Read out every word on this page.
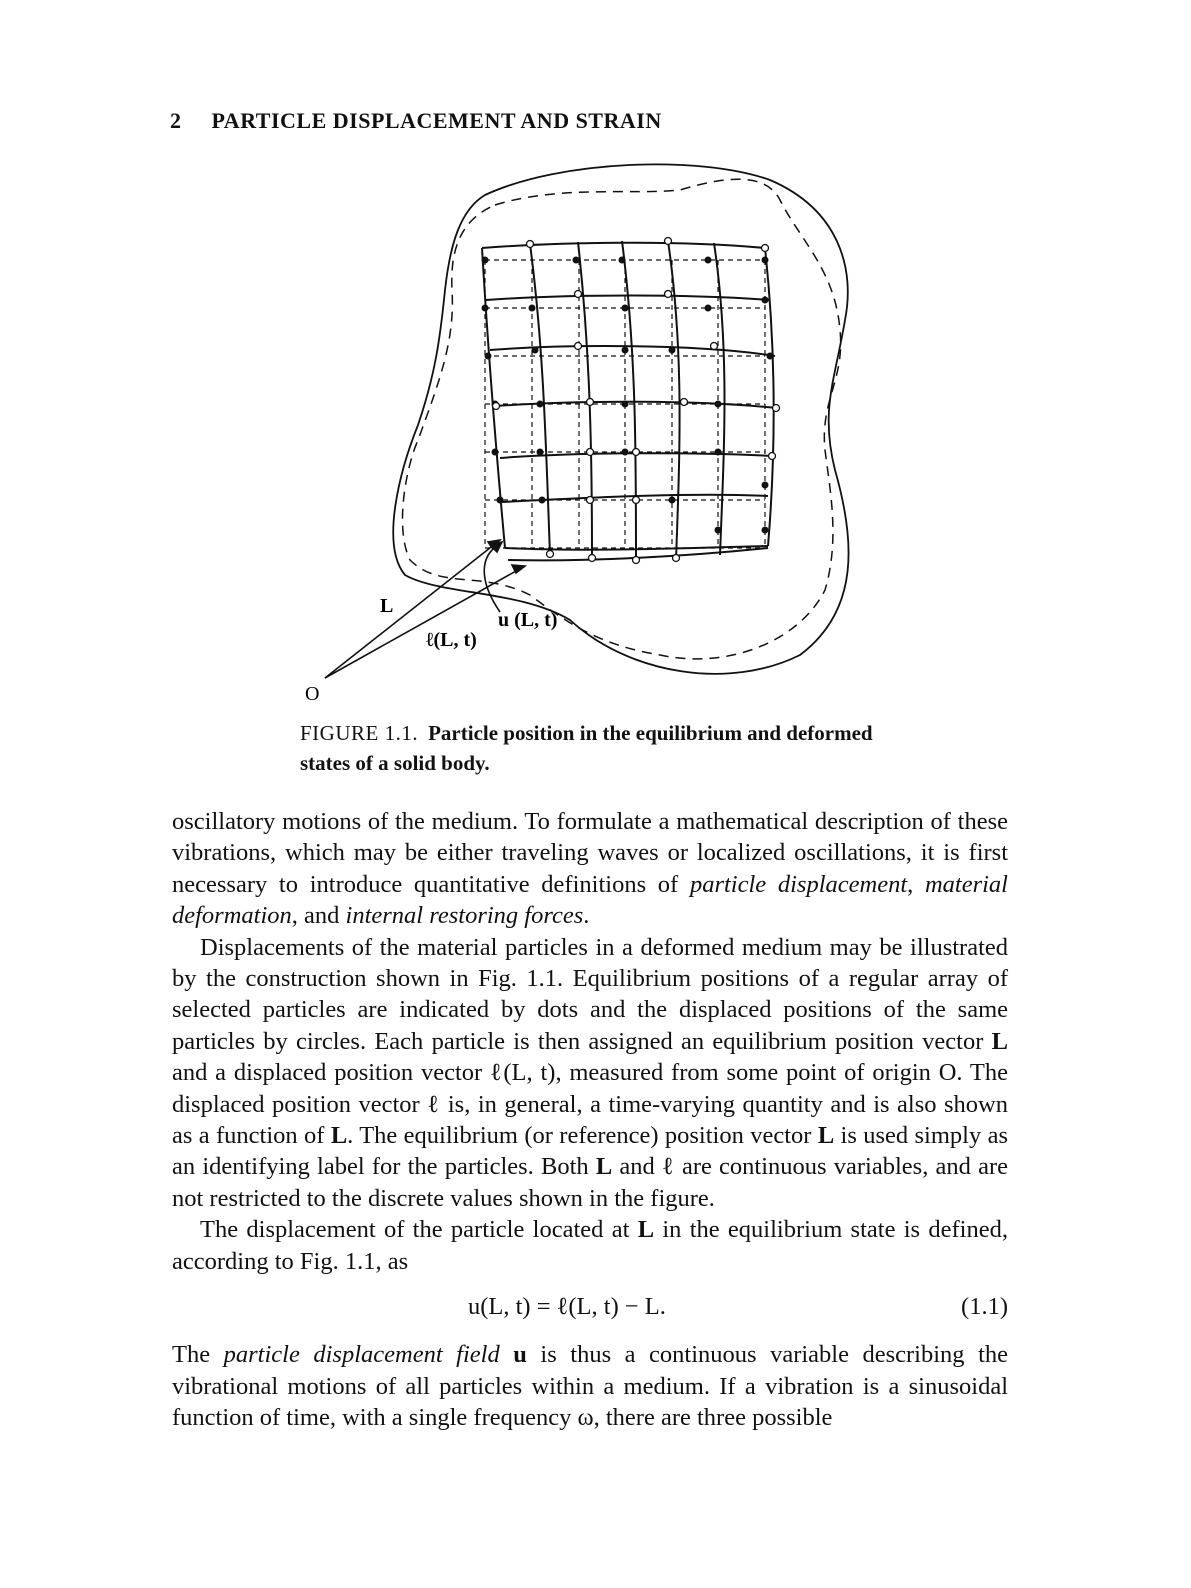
2 PARTICLE DISPLACEMENT AND STRAIN
L
ℓ(L, t)
u (L, t)
O
FIGURE 1.1. Particle position in the equilibrium and deformed states of a solid body.

oscillatory motions of the medium. To formulate a mathematical description of these vibrations, which may be either traveling waves or localized oscillations, it is first necessary to introduce quantitative definitions of particle displacement, material deformation, and internal restoring forces.

Displacements of the material particles in a deformed medium may be illustrated by the construction shown in Fig. 1.1. Equilibrium positions of a regular array of selected particles are indicated by dots and the displaced positions of the same particles by circles. Each particle is then assigned an equilibrium position vector L and a displaced position vector ℓ(L, t), measured from some point of origin O. The displaced position vector ℓ is, in general, a time-varying quantity and is also shown as a function of L. The equilibrium (or reference) position vector L is used simply as an identifying label for the particles. Both L and ℓ are continuous variables, and are not restricted to the discrete values shown in the figure.

The displacement of the particle located at L in the equilibrium state is defined, according to Fig. 1.1, as

u(L, t) = ℓ(L, t) − L.	(1.1)

The particle displacement field u is thus a continuous variable describing the vibrational motions of all particles within a medium. If a vibration is a sinusoidal function of time, with a single frequency ω, there are three possible
